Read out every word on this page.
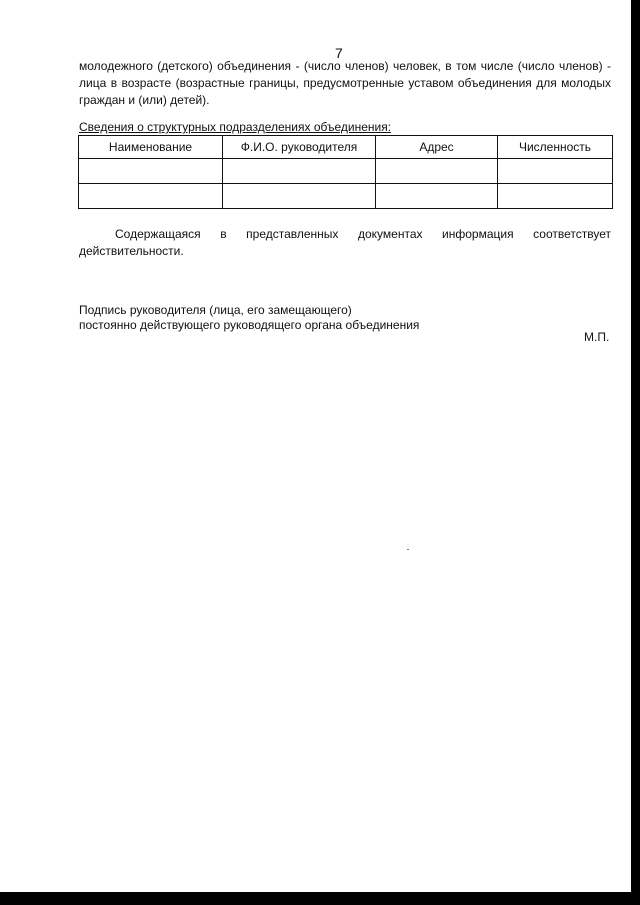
7
молодежного (детского) объединения - (число членов) человек, в том числе (число членов) - лица в возрасте (возрастные границы, предусмотренные уставом объединения для молодых граждан и (или) детей).
Сведения о структурных подразделениях объединения:
Наименование	Ф.И.О. руководителя	Адрес	Численность

Содержащаяся в представленных документах информация соответствует действительности.
Подпись руководителя (лица, его замещающего)
постоянно действующего руководящего органа объединения
М.П.
